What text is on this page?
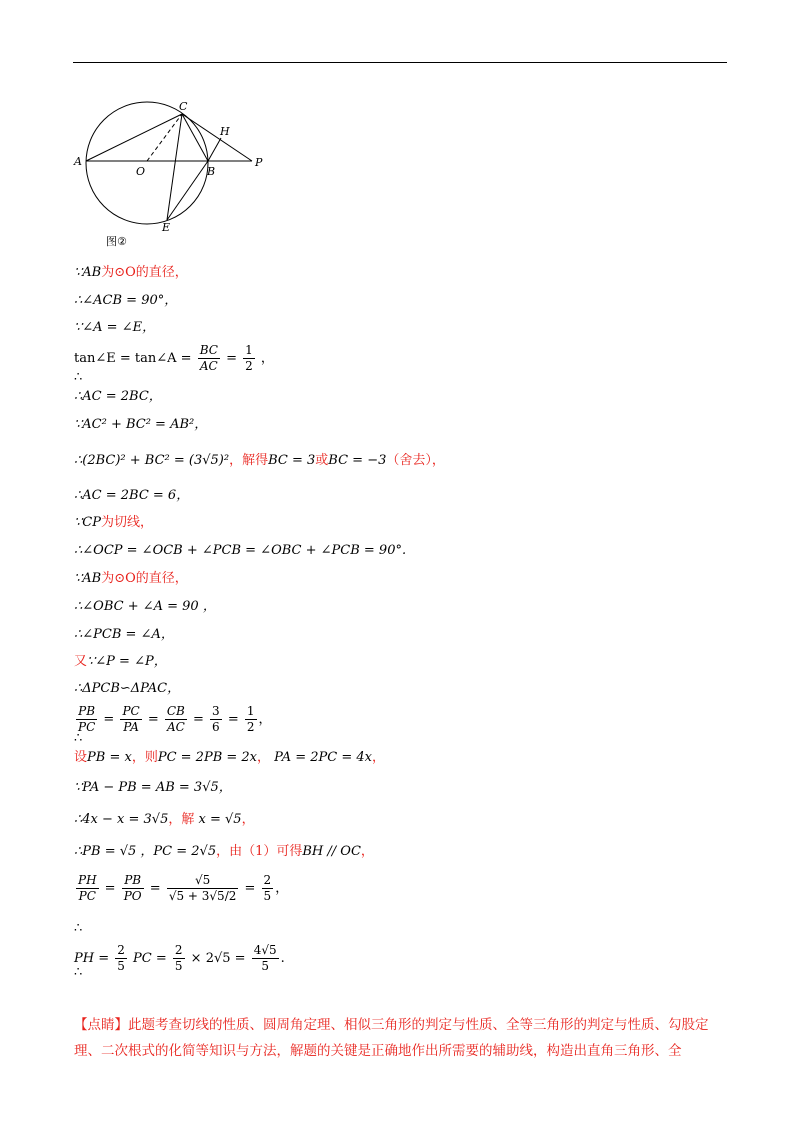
A
O	B
P
C
H
E
图②
∵AB为⊙O的直径，
∴∠ACB = 90°，
∵∠A = ∠E，
tan∠E = tan∠A = $\frac{BC}{AC} = \frac{1}{2}$ ，
∴
∴AC = 2BC，
∵AC² + BC² = AB²，
∴(2BC)² + BC² = (3√5)²，解得BC = 3或BC = −3（舍去），
∴AC = 2BC = 6，
∵CP为切线，
∴∠OCP = ∠OCB + ∠PCB = ∠OBC + ∠PCB = 90°.
∵AB为⊙O的直径，
∴∠OBC + ∠A = 90 ，
∴∠PCB = ∠A，
又∵∠P = ∠P，
∴ΔPCB∽ΔPAC，
$\frac{PB}{PC} = \frac{PC}{PA} = \frac{CB}{AC} = \frac{3}{6} = \frac{1}{2}$ ，
∴
设PB = x，则PC = 2PB = 2x， PA = 2PC = 4x，
∵PA − PB = AB = 3√5，
∴4x − x = 3√5，解 x = √5，
∴PB = √5 ，PC = 2√5，由（1）可得BH // OC，
$\frac{PH}{PC} = \frac{PB}{PO} = \frac{√5}{√5 + 3√5/2} = \frac{2}{5}$ ，
∴
PH = $\frac{2}{5}$ PC = $\frac{2}{5} \times 2√5 = \frac{4√5}{5}$ .
∴
【点睛】此题考查切线的性质、圆周角定理、相似三角形的判定与性质、全等三角形的判定与性质、勾股定理、二次根式的化简等知识与方法，解题的关键是正确地作出所需要的辅助线，构造出直角三角形、全
